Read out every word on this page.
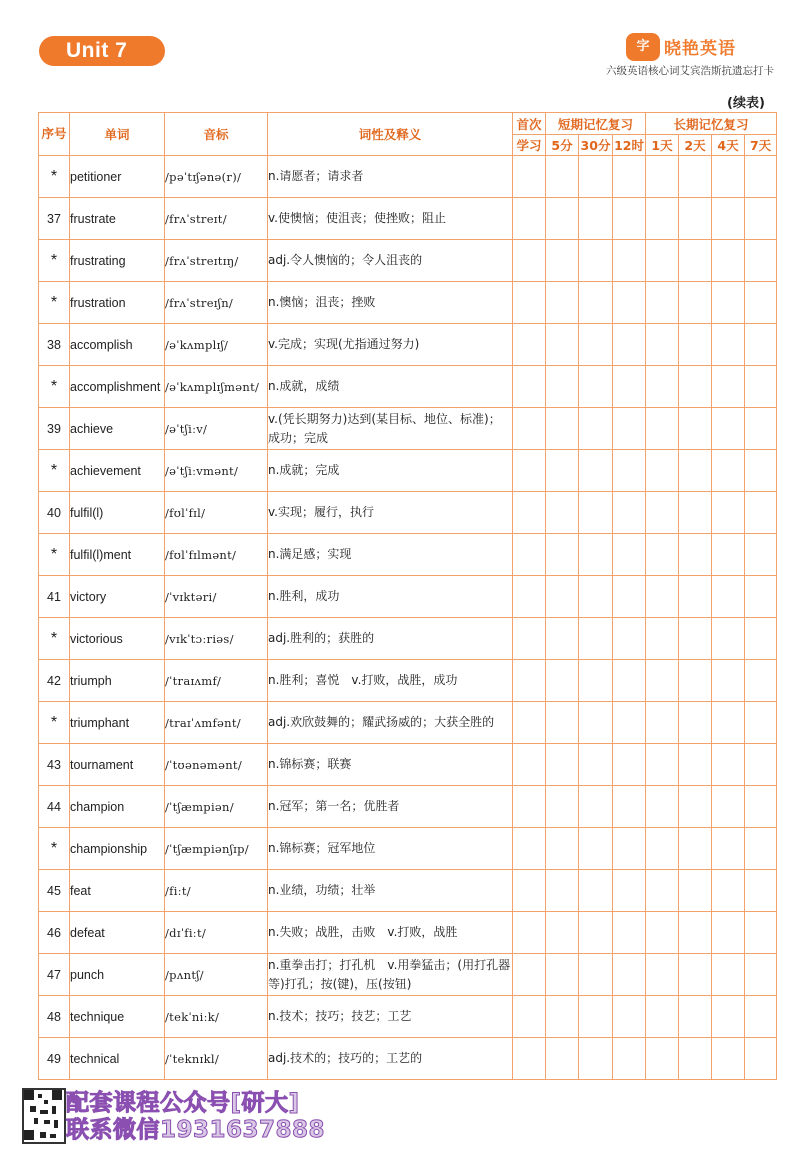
Unit 7	字 晓艳英语
六级英语核心词艾宾浩斯抗遗忘打卡
(续表)
序号	单词	音标	词性及释义	首次	短期记忆复习			长期记忆复习			
				学习	5分	30分	12时	1天	2天	4天	7天
*	petitioner	/pəˈtɪʃənə(r)/	n.请愿者；请求者								
37	frustrate	/frʌˈstreɪt/	v.使懊恼；使沮丧；使挫败；阻止								
*	frustrating	/frʌˈstreɪtɪŋ/	adj.令人懊恼的；令人沮丧的								
*	frustration	/frʌˈstreɪʃn/	n.懊恼；沮丧；挫败								
38	accomplish	/əˈkʌmplɪʃ/	v.完成；实现(尤指通过努力)								
*	accomplishment	/əˈkʌmplɪʃmənt/	n.成就，成绩								
39	achieve	/əˈtʃiːv/	v.(凭长期努力)达到(某目标、地位、标准)；成功；完成								
*	achievement	/əˈtʃiːvmənt/	n.成就；完成								
40	fulfil(l)	/fʊlˈfɪl/	v.实现；履行，执行								
*	fulfil(l)ment	/fʊlˈfɪlmənt/	n.满足感；实现								
41	victory	/ˈvɪktəri/	n.胜利，成功								
*	victorious	/vɪkˈtɔːriəs/	adj.胜利的；获胜的								
42	triumph	/ˈtraɪʌmf/	n.胜利；喜悦　v.打败，战胜，成功								
*	triumphant	/traɪˈʌmfənt/	adj.欢欣鼓舞的；耀武扬威的；大获全胜的								
43	tournament	/ˈtʊənəmənt/	n.锦标赛；联赛								
44	champion	/ˈtʃæmpiən/	n.冠军；第一名；优胜者								
*	championship	/ˈtʃæmpiənʃɪp/	n.锦标赛；冠军地位								
45	feat	/fiːt/	n.业绩，功绩；壮举								
46	defeat	/dɪˈfiːt/	n.失败；战胜，击败　v.打败，战胜								
47	punch	/pʌntʃ/	n.重拳击打；打孔机　v.用拳猛击；(用打孔器等)打孔；按(键)，压(按钮)								
48	technique	/tekˈniːk/	n.技术；技巧；技艺；工艺								
49	technical	/ˈteknɪkl/	adj.技术的；技巧的；工艺的								
配套课程公众号[研大]
联系微信1931637888
